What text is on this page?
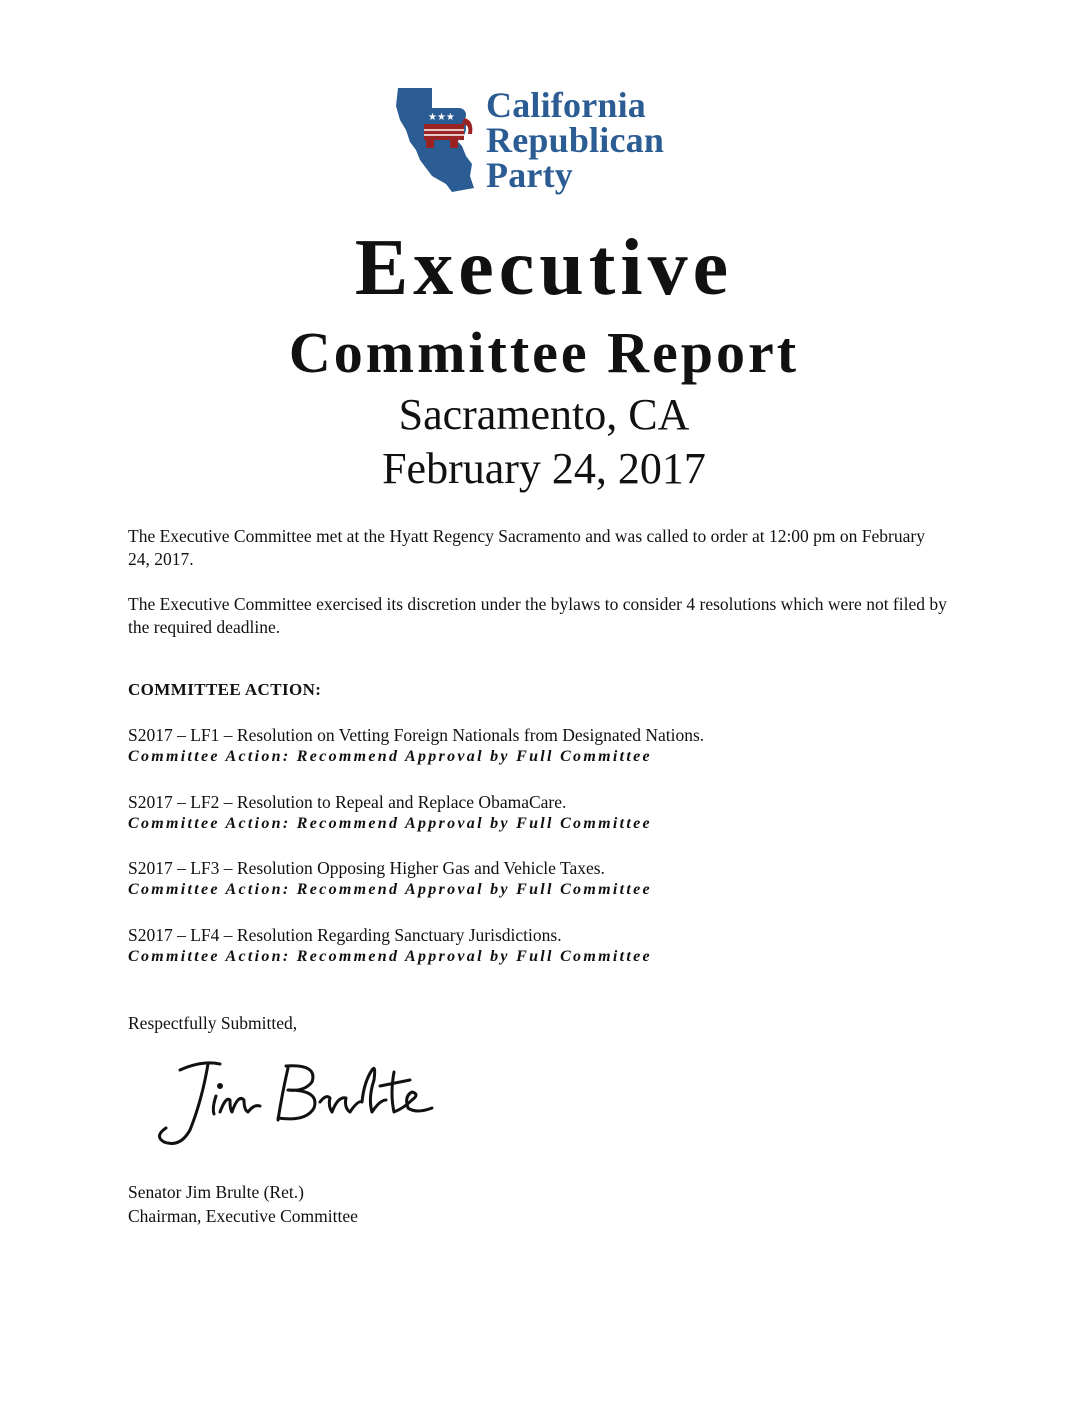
★★★ California
Republican
Party
Executive
Committee Report
Sacramento, CA
February 24, 2017

The Executive Committee met at the Hyatt Regency Sacramento and was called to order at 12:00 pm on February 24, 2017.

The Executive Committee exercised its discretion under the bylaws to consider 4 resolutions which were not filed by the required deadline.

COMMITTEE ACTION:
S2017 – LF1 – Resolution on Vetting Foreign Nationals from Designated Nations.
Committee Action: Recommend Approval by Full Committee
S2017 – LF2 – Resolution to Repeal and Replace ObamaCare.
Committee Action: Recommend Approval by Full Committee
S2017 – LF3 – Resolution Opposing Higher Gas and Vehicle Taxes.
Committee Action: Recommend Approval by Full Committee
S2017 – LF4 – Resolution Regarding Sanctuary Jurisdictions.
Committee Action: Recommend Approval by Full Committee

Respectfully Submitted,

Senator Jim Brulte (Ret.)
Chairman, Executive Committee
